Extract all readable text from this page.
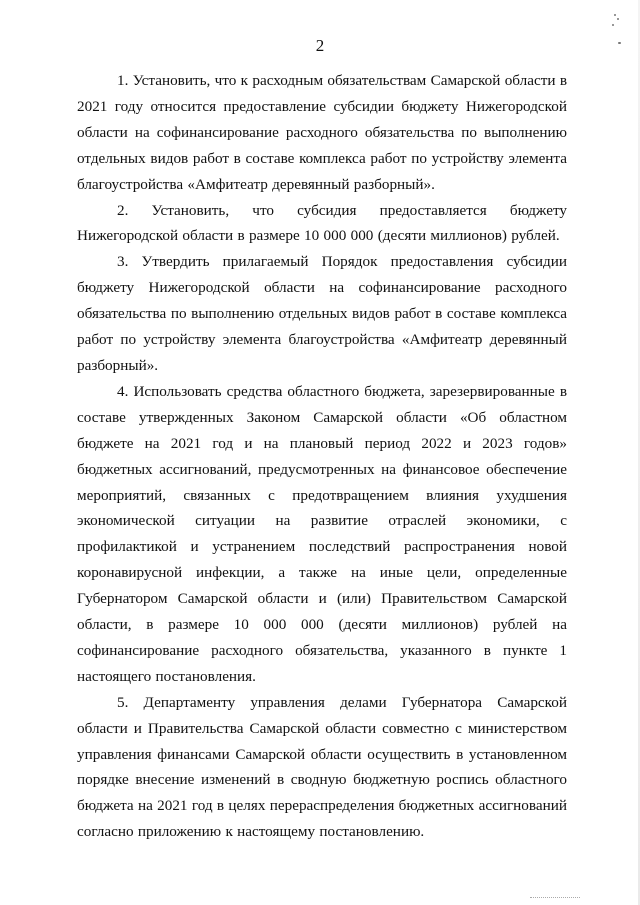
2

1. Установить, что к расходным обязательствам Самарской области в 2021 году относится предоставление субсидии бюджету Нижегородской области на софинансирование расходного обязательства по выполнению отдельных видов работ в составе комплекса работ по устройству элемента благоустройства «Амфитеатр деревянный разборный».

2. Установить, что субсидия предоставляется бюджету Нижегородской области в размере 10 000 000 (десяти миллионов) рублей.

3. Утвердить прилагаемый Порядок предоставления субсидии бюджету Нижегородской области на софинансирование расходного обязательства по выполнению отдельных видов работ в составе комплекса работ по устройству элемента благоустройства «Амфитеатр деревянный разборный».

4. Использовать средства областного бюджета, зарезервированные в составе утвержденных Законом Самарской области «Об областном бюджете на 2021 год и на плановый период 2022 и 2023 годов» бюджетных ассигнований, предусмотренных на финансовое обеспечение мероприятий, связанных с предотвращением влияния ухудшения экономической ситуации на развитие отраслей экономики, с профилактикой и устранением последствий распространения новой коронавирусной инфекции, а также на иные цели, определенные Губернатором Самарской области и (или) Правительством Самарской области, в размере 10 000 000 (десяти миллионов) рублей на софинансирование расходного обязательства, указанного в пункте 1 настоящего постановления.

5. Департаменту управления делами Губернатора Самарской области и Правительства Самарской области совместно с министерством управления финансами Самарской области осуществить в установленном порядке внесение изменений в сводную бюджетную роспись областного бюджета на 2021 год в целях перераспределения бюджетных ассигнований согласно приложению к настоящему постановлению.
